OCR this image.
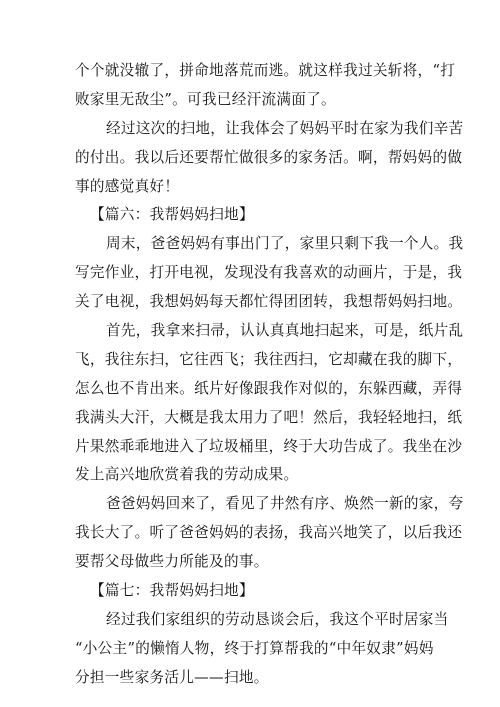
个个就没辙了，拼命地落荒而逃。就这样我过关斩将，“打
败家里无敌尘”。可我已经汗流满面了。
经过这次的扫地，让我体会了妈妈平时在家为我们辛苦
的付出。我以后还要帮忙做很多的家务活。啊，帮妈妈的做
事的感觉真好！
【篇六：我帮妈妈扫地】
周末，爸爸妈妈有事出门了，家里只剩下我一个人。我
写完作业，打开电视，发现没有我喜欢的动画片，于是，我
关了电视，我想妈妈每天都忙得团团转，我想帮妈妈扫地。
首先，我拿来扫帚，认认真真地扫起来，可是，纸片乱
飞，我往东扫，它往西飞；我往西扫，它却藏在我的脚下，
怎么也不肯出来。纸片好像跟我作对似的，东躲西藏，弄得
我满头大汗，大概是我太用力了吧！然后，我轻轻地扫，纸
片果然乖乖地进入了垃圾桶里，终于大功告成了。我坐在沙
发上高兴地欣赏着我的劳动成果。
爸爸妈妈回来了，看见了井然有序、焕然一新的家，夸
我长大了。听了爸爸妈妈的表扬，我高兴地笑了，以后我还
要帮父母做些力所能及的事。
【篇七：我帮妈妈扫地】
经过我们家组织的劳动恳谈会后，我这个平时居家当
“小公主”的懒惰人物，终于打算帮我的“中年奴隶”妈妈
分担一些家务活儿——扫地。
